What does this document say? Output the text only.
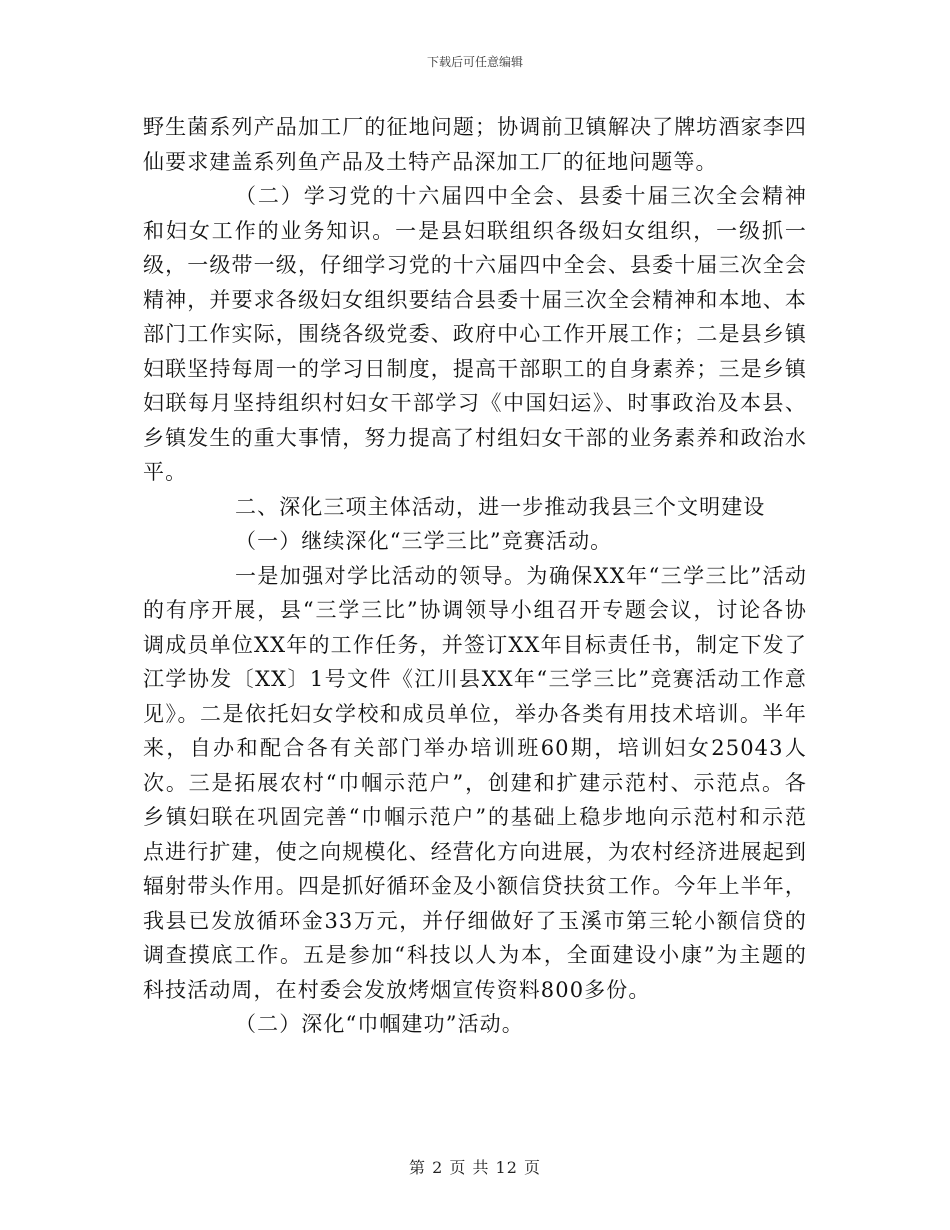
下载后可任意编辑

野生菌系列产品加工厂的征地问题；协调前卫镇解决了牌坊酒家李四仙要求建盖系列鱼产品及土特产品深加工厂的征地问题等。

（二）学习党的十六届四中全会、县委十届三次全会精神和妇女工作的业务知识。一是县妇联组织各级妇女组织，一级抓一级，一级带一级，仔细学习党的十六届四中全会、县委十届三次全会精神，并要求各级妇女组织要结合县委十届三次全会精神和本地、本部门工作实际，围绕各级党委、政府中心工作开展工作；二是县乡镇妇联坚持每周一的学习日制度，提高干部职工的自身素养；三是乡镇妇联每月坚持组织村妇女干部学习《中国妇运》、时事政治及本县、乡镇发生的重大事情，努力提高了村组妇女干部的业务素养和政治水平。

二、深化三项主体活动，进一步推动我县三个文明建设

（一）继续深化“三学三比”竞赛活动。

一是加强对学比活动的领导。为确保XX年“三学三比”活动的有序开展，县“三学三比”协调领导小组召开专题会议，讨论各协调成员单位XX年的工作任务，并签订XX年目标责任书，制定下发了江学协发〔XX〕1号文件《江川县XX年“三学三比”竞赛活动工作意见》。二是依托妇女学校和成员单位，举办各类有用技术培训。半年来，自办和配合各有关部门举办培训班60期，培训妇女25043人次。三是拓展农村“巾帼示范户”，创建和扩建示范村、示范点。各乡镇妇联在巩固完善“巾帼示范户”的基础上稳步地向示范村和示范点进行扩建，使之向规模化、经营化方向进展，为农村经济进展起到辐射带头作用。四是抓好循环金及小额信贷扶贫工作。今年上半年，我县已发放循环金33万元，并仔细做好了玉溪市第三轮小额信贷的调查摸底工作。五是参加“科技以人为本，全面建设小康”为主题的科技活动周，在村委会发放烤烟宣传资料800多份。

（二）深化“巾帼建功”活动。

第 2 页 共 12 页
